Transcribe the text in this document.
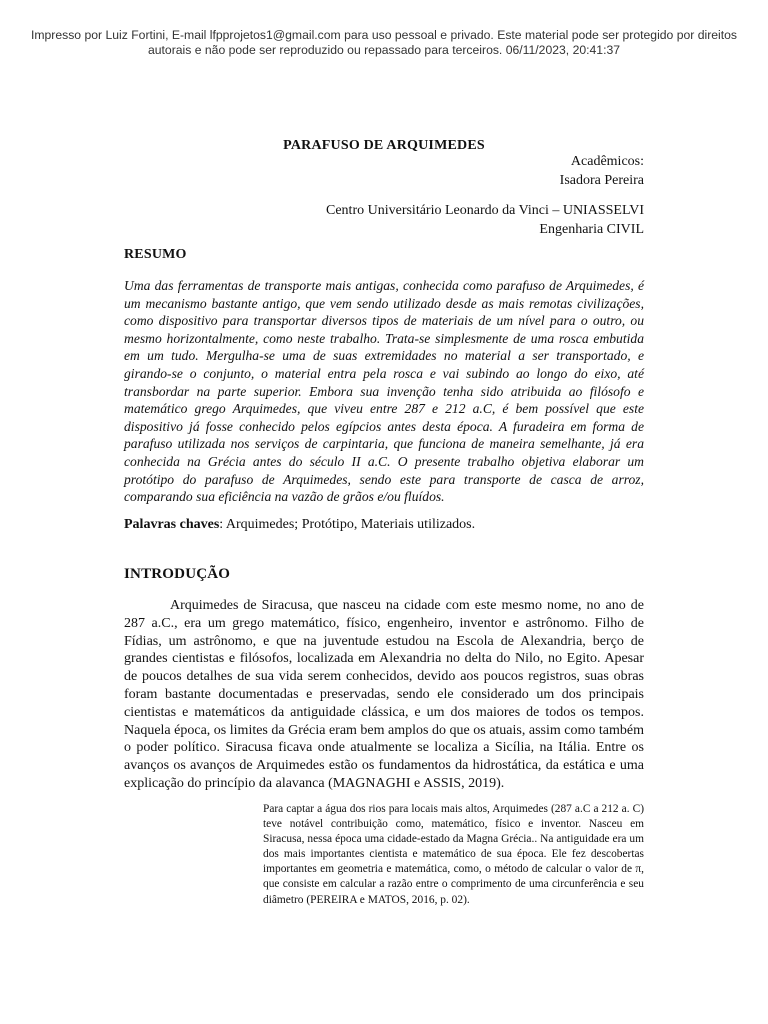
Impresso por Luiz Fortini, E-mail lfpprojetos1@gmail.com para uso pessoal e privado. Este material pode ser protegido por direitos autorais e não pode ser reproduzido ou repassado para terceiros. 06/11/2023, 20:41:37
PARAFUSO DE ARQUIMEDES
Acadêmicos:
Isadora Pereira
Centro Universitário Leonardo da Vinci – UNIASSELVI
Engenharia CIVIL
RESUMO

Uma das ferramentas de transporte mais antigas, conhecida como parafuso de Arquimedes, é um mecanismo bastante antigo, que vem sendo utilizado desde as mais remotas civilizações, como dispositivo para transportar diversos tipos de materiais de um nível para o outro, ou mesmo horizontalmente, como neste trabalho. Trata-se simplesmente de uma rosca embutida em um tudo. Mergulha-se uma de suas extremidades no material a ser transportado, e girando-se o conjunto, o material entra pela rosca e vai subindo ao longo do eixo, até transbordar na parte superior. Embora sua invenção tenha sido atribuida ao filósofo e matemático grego Arquimedes, que viveu entre 287 e 212 a.C, é bem possível que este dispositivo já fosse conhecido pelos egípcios antes desta época. A furadeira em forma de parafuso utilizada nos serviços de carpintaria, que funciona de maneira semelhante, já era conhecida na Grécia antes do século II a.C. O presente trabalho objetiva elaborar um protótipo do parafuso de Arquimedes, sendo este para transporte de casca de arroz, comparando sua eficiência na vazão de grãos e/ou fluídos.

Palavras chaves: Arquimedes; Protótipo, Materiais utilizados.

INTRODUÇÃO

Arquimedes de Siracusa, que nasceu na cidade com este mesmo nome, no ano de 287 a.C., era um grego matemático, físico, engenheiro, inventor e astrônomo. Filho de Fídias, um astrônomo, e que na juventude estudou na Escola de Alexandria, berço de grandes cientistas e filósofos, localizada em Alexandria no delta do Nilo, no Egito. Apesar de poucos detalhes de sua vida serem conhecidos, devido aos poucos registros, suas obras foram bastante documentadas e preservadas, sendo ele considerado um dos principais cientistas e matemáticos da antiguidade clássica, e um dos maiores de todos os tempos. Naquela época, os limites da Grécia eram bem amplos do que os atuais, assim como também o poder político. Siracusa ficava onde atualmente se localiza a Sicília, na Itália. Entre os avanços os avanços de Arquimedes estão os fundamentos da hidrostática, da estática e uma explicação do princípio da alavanca (MAGNAGHI e ASSIS, 2019).

Para captar a água dos rios para locais mais altos, Arquimedes (287 a.C a 212 a. C) teve notável contribuição como, matemático, físico e inventor. Nasceu em Siracusa, nessa época uma cidade-estado da Magna Grécia.. Na antiguidade era um dos mais importantes cientista e matemático de sua época. Ele fez descobertas importantes em geometria e matemática, como, o método de calcular o valor de π, que consiste em calcular a razão entre o comprimento de uma circunferência e seu diâmetro (PEREIRA e MATOS, 2016, p. 02).
